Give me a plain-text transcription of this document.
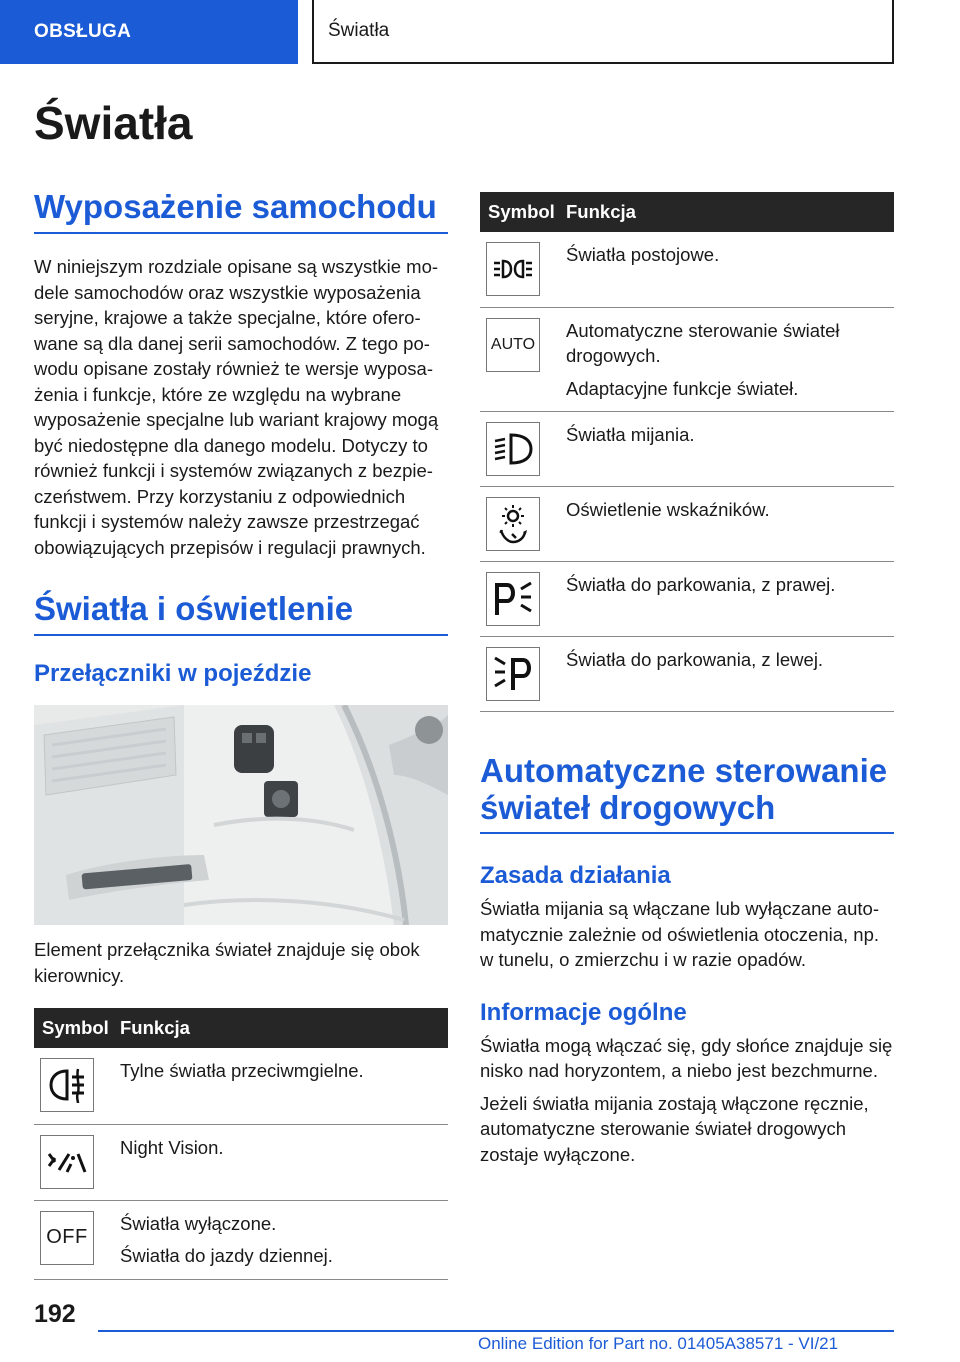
OBSŁUGA	Światła
Światła
Wyposażenie samochodu

W niniejszym rozdziale opisane są wszystkie modele samochodów oraz wszystkie wyposażenia seryjne, krajowe a także specjalne, które oferowane są dla danej serii samochodów. Z tego powodu opisane zostały również te wersje wyposażenia i funkcje, które ze względu na wybrane wyposażenie specjalne lub wariant krajowy mogą być niedostępne dla danego modelu. Dotyczy to również funkcji i systemów związanych z bezpieczeństwem. Przy korzystaniu z odpowiednich funkcji i systemów należy zawsze przestrzegać obowiązujących przepisów i regulacji prawnych.

Światła i oświetlenie
Przełączniki w pojeździe

Element przełącznika świateł znajduje się obok kierownicy.

Symbol	Funkcja

Tylne światła przeciwmgielne.

Night Vision.

OFF	Światła wyłączone.
Światła do jazdy dziennej.
Symbol	Funkcja

Światła postojowe.

AUTO	Automatyczne sterowanie świateł drogowych.
Adaptacyjne funkcje świateł.

Światła mijania.

Oświetlenie wskaźników.

Światła do parkowania, z prawej.

Światła do parkowania, z lewej.
Automatyczne sterowanie świateł drogowych
Zasada działania

Światła mijania są włączane lub wyłączane automatycznie zależnie od oświetlenia otoczenia, np. w tunelu, o zmierzchu i w razie opadów.

Informacje ogólne

Światła mogą włączać się, gdy słońce znajduje się nisko nad horyzontem, a niebo jest bezchmurne.

Jeżeli światła mijania zostają włączone ręcznie, automatyczne sterowanie świateł drogowych zostaje wyłączone.

192
Online Edition for Part no. 01405A38571 - VI/21
